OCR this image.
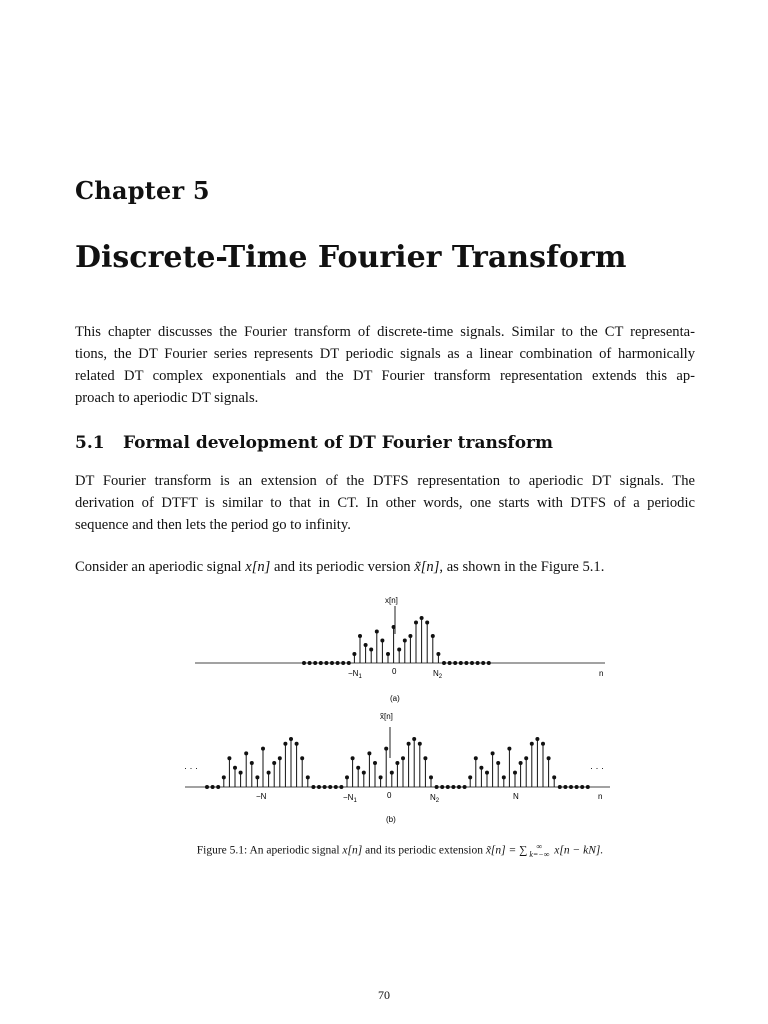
Chapter 5
Discrete-Time Fourier Transform
This chapter discusses the Fourier transform of discrete-time signals. Similar to the CT representa-
tions, the DT Fourier series represents DT periodic signals as a linear combination of harmonically
related DT complex exponentials and the DT Fourier transform representation extends this ap-
proach to aperiodic DT signals.
5.1 Formal development of DT Fourier transform
DT Fourier transform is an extension of the DTFS representation to aperiodic DT signals. The
derivation of DTFT is similar to that in CT. In other words, one starts with DTFS of a periodic
sequence and then lets the period go to infinity.
Consider an aperiodic signal x[n] and its periodic version x̃[n], as shown in the Figure 5.1.
x[n]
$-N_1$
0	$N_2$	n
(a)
x̃[n]
· · ·	· · ·
−N	$-N_1$
0	$N_2$	N	n
(b)
Figure 5.1: An aperiodic signal x[n] and its periodic extension x̃[n] = ∑	∞
k=−∞ x[n − kN].
70
